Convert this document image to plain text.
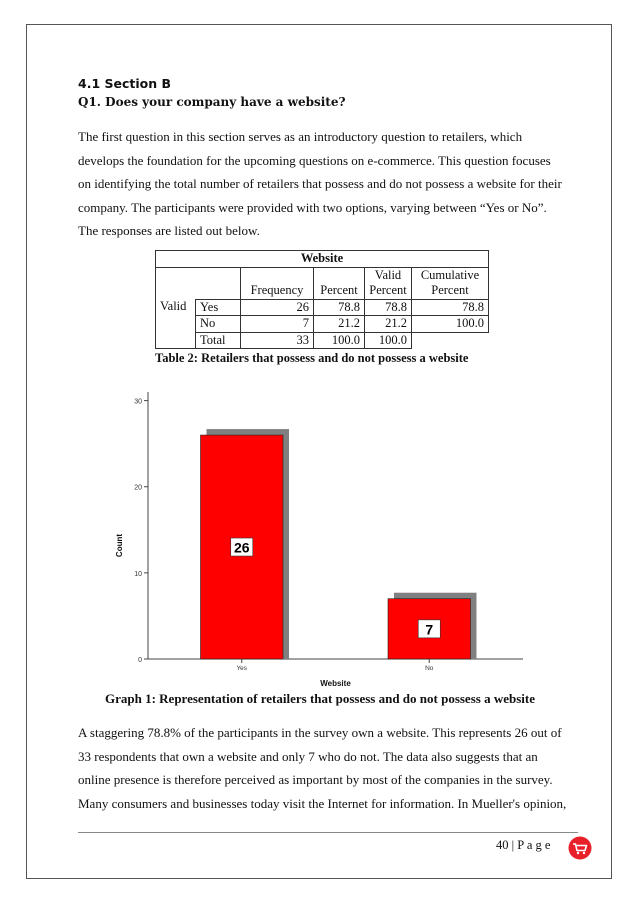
4.1 Section B
Q1. Does your company have a website?
The first question in this section serves as an introductory question to retailers, which
develops the foundation for the upcoming questions on e-commerce. This question focuses
on identifying the total number of retailers that possess and do not possess a website for their
company. The participants were provided with two options, varying between “Yes or No”.
The responses are listed out below.
Website					
				Valid	Cumulative
		Frequency	Percent	Percent	Percent
Valid	Yes	26	78.8	78.8	78.8
	No	7	21.2	21.2	100.0
	Total	33	100.0	100.0	
Table 2: Retailers that possess and do not possess a website
0
10
20
30
26
Yes
7
No
Website
Count
Graph 1: Representation of retailers that possess and do not possess a website
A staggering 78.8% of the participants in the survey own a website. This represents 26 out of
33 respondents that own a website and only 7 who do not. The data also suggests that an
online presence is therefore perceived as important by most of the companies in the survey.
Many consumers and businesses today visit the Internet for information. In Mueller's opinion,
40 | P a g e
